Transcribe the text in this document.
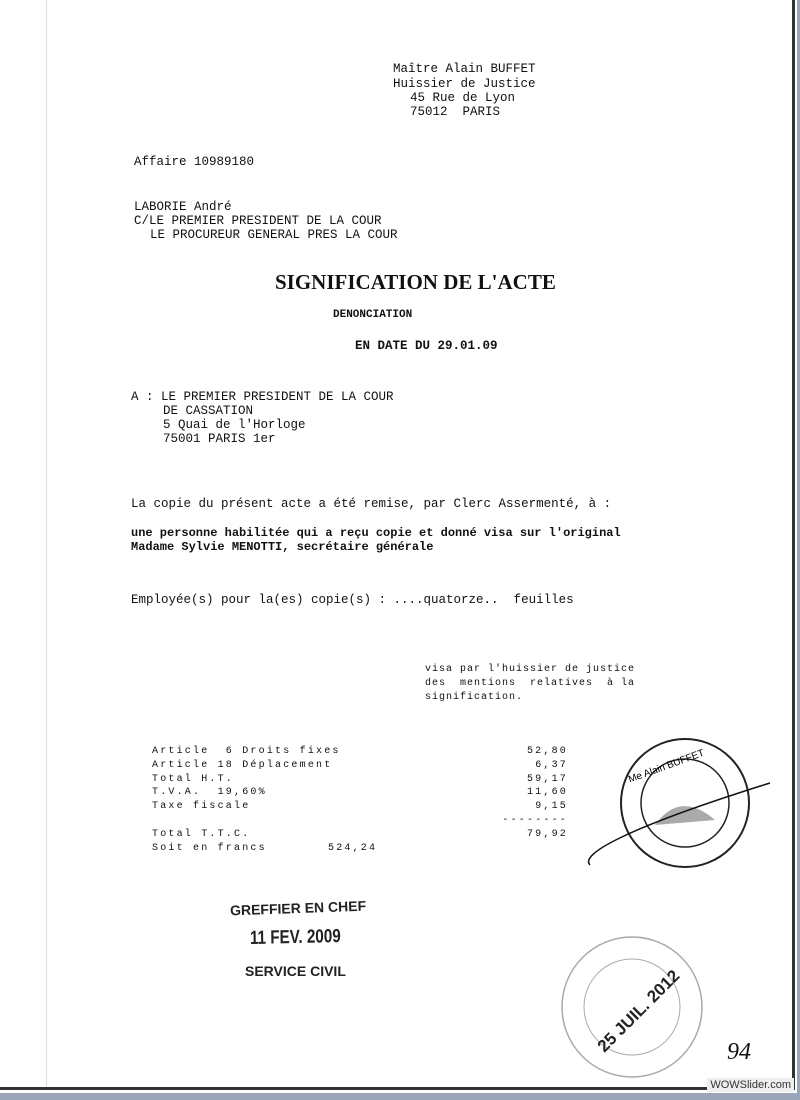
Maître Alain BUFFET
Huissier de Justice
45 Rue de Lyon
75012  PARIS
Affaire 10989180
LABORIE André
C/LE PREMIER PRESIDENT DE LA COUR
LE PROCUREUR GENERAL PRES LA COUR
SIGNIFICATION DE L'ACTE
DENONCIATION
EN DATE DU 29.01.09
A : LE PREMIER PRESIDENT DE LA COUR
DE CASSATION
5 Quai de l'Horloge
75001 PARIS 1er
La copie du présent acte a été remise, par Clerc Assermenté, à :
une personne habilitée qui a reçu copie et donné visa sur l'original
Madame Sylvie MENOTTI, secrétaire générale
Employée(s) pour la(es) copie(s) : ....quatorze..  feuilles
visa par l'huissier de justice
des  mentions  relatives  à la
signification.
Article  6 Droits fixes	52,80
Article 18 Déplacement	6,37
Total H.T.	59,17
T.V.A.  19,60%	11,60
Taxe fiscale	9,15
--------
Total T.T.C.	79,92
Soit en francs	524,24
GREFFIER EN CHEF
11 FEV. 2009
SERVICE CIVIL
Me Alain BUFFET
25 JUIL. 2012 94
WOWSlider.com
